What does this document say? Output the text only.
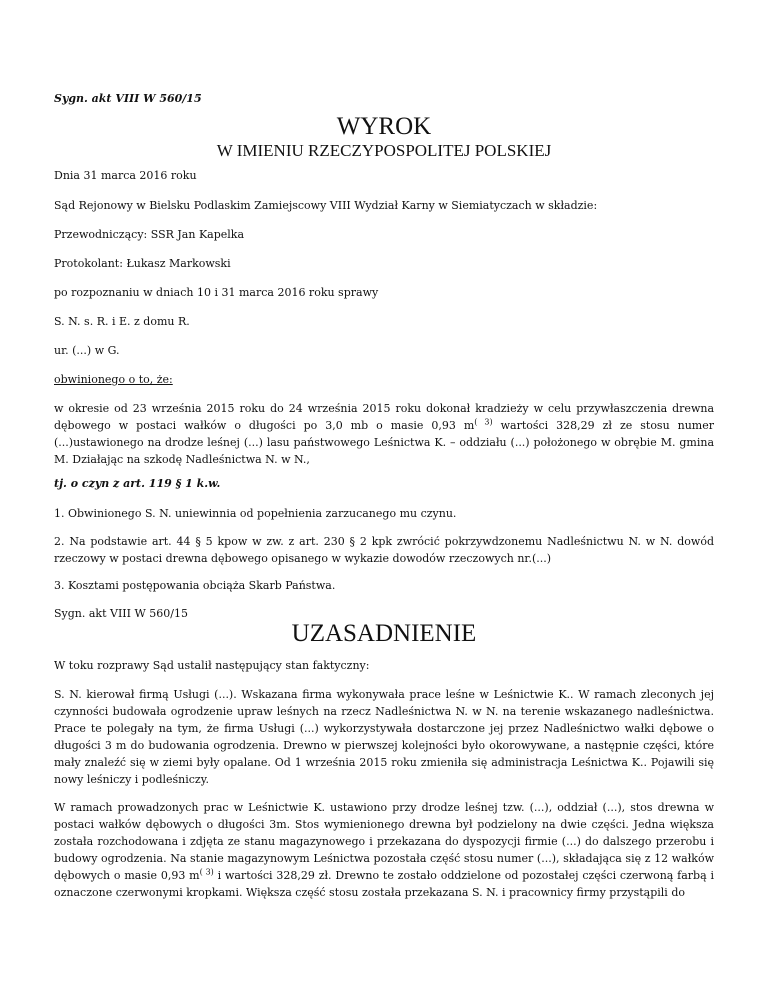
Sygn. akt VIII W 560/15
WYROK
W IMIENIU RZECZYPOSPOLITEJ POLSKIEJ

Dnia 31 marca 2016 roku

Sąd Rejonowy w Bielsku Podlaskim Zamiejscowy VIII Wydział Karny w Siemiatyczach w składzie:

Przewodniczący: SSR Jan Kapelka

Protokolant: Łukasz Markowski

po rozpoznaniu w dniach 10 i 31 marca 2016 roku sprawy

S. N. s. R. i E. z domu R.

ur. (...) w G.

obwinionego o to, że:

w okresie od 23 września 2015 roku do 24 września 2015 roku dokonał kradzieży w celu przywłaszczenia drewna dębowego w postaci wałków o długości po 3,0 mb o masie 0,93 $m^{( 3)}$ wartości 328,29 zł ze stosu numer (...)ustawionego na drodze leśnej (...) lasu państwowego Leśnictwa K. – oddziału (...) położonego w obrębie M. gmina M. Działając na szkodę Nadleśnictwa N. w N.,

tj. o czyn z art. 119 § 1 k.w.

1. Obwinionego S. N. uniewinnia od popełnienia zarzucanego mu czynu.

2. Na podstawie art. 44 § 5 kpow w zw. z art. 230 § 2 kpk zwrócić pokrzywdzonemu Nadleśnictwu N. w N. dowód rzeczowy w postaci drewna dębowego opisanego w wykazie dowodów rzeczowych nr.(...)

3. Kosztami postępowania obciąża Skarb Państwa.

Sygn. akt VIII W 560/15

UZASADNIENIE

W toku rozprawy Sąd ustalił następujący stan faktyczny:

S. N. kierował firmą Usługi (...). Wskazana firma wykonywała prace leśne w Leśnictwie K.. W ramach zleconych jej czynności budowała ogrodzenie upraw leśnych na rzecz Nadleśnictwa N. w N. na terenie wskazanego nadleśnictwa. Prace te polegały na tym, że firma Usługi (...) wykorzystywała dostarczone jej przez Nadleśnictwo wałki dębowe o długości 3 m do budowania ogrodzenia. Drewno w pierwszej kolejności było okorowywane, a następnie części, które mały znaleźć się w ziemi były opalane. Od 1 września 2015 roku zmieniła się administracja Leśnictwa K.. Pojawili się nowy leśniczy i podleśniczy.

W ramach prowadzonych prac w Leśnictwie K. ustawiono przy drodze leśnej tzw. (...), oddział (...), stos drewna w postaci wałków dębowych o długości 3m. Stos wymienionego drewna był podzielony na dwie części. Jedna większa została rozchodowana i zdjęta ze stanu magazynowego i przekazana do dyspozycji firmie (...) do dalszego przerobu i budowy ogrodzenia. Na stanie magazynowym Leśnictwa pozostała część stosu numer (...), składająca się z 12 wałków dębowych o masie 0,93 $m^{( 3)}$ i wartości 328,29 zł. Drewno te zostało oddzielone od pozostałej części czerwoną farbą i oznaczone czerwonymi kropkami. Większa część stosu została przekazana S. N. i pracownicy firmy przystąpili do
